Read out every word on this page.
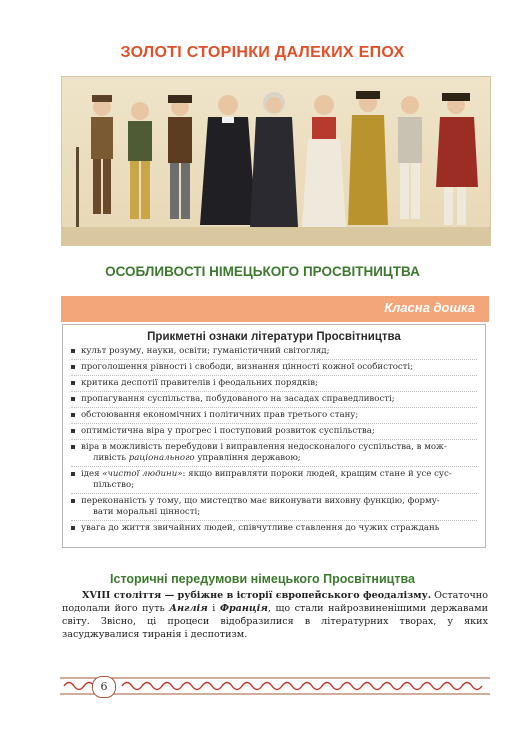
ЗОЛОТІ СТОРІНКИ ДАЛЕКИХ ЕПОХ
ОСОБЛИВОСТІ НІМЕЦЬКОГО ПРОСВІТНИЦТВА
Класна дошка
Прикметні ознаки літератури Просвітництва
культ розуму, науки, освіти; гуманістичний світогляд;
проголошення рівності і свободи, визнання цінності кожної особистості;
критика деспотії правителів і феодальних порядків;
пропагування суспільства, побудованого на засадах справедливості;
обстоювання економічних і політичних прав третього стану;
оптимістична віра у прогрес і поступовий розвиток суспільства;
віра в можливість перебудови і виправлення недосконалого суспільства, в мож-
ливість раціонального управління державою;
ідея «чистої людини»: якщо виправляти пороки людей, кращим стане й усе сус-
пільство;
переконаність у тому, що мистецтво має виконувати виховну функцію, форму-
вати моральні цінності;
увага до життя звичайних людей, співчутливе ставлення до чужих страждань
Історичні передумови німецького Просвітництва
XVIII століття — рубіжне в історії європейського феодалізму. Остаточно подолали його путь Англія і Франція, що стали найрозвиненішими державами світу. Звісно, ці процеси відобразилися в літературних творах, у яких засуджувалися тиранія і деспотизм.
6
